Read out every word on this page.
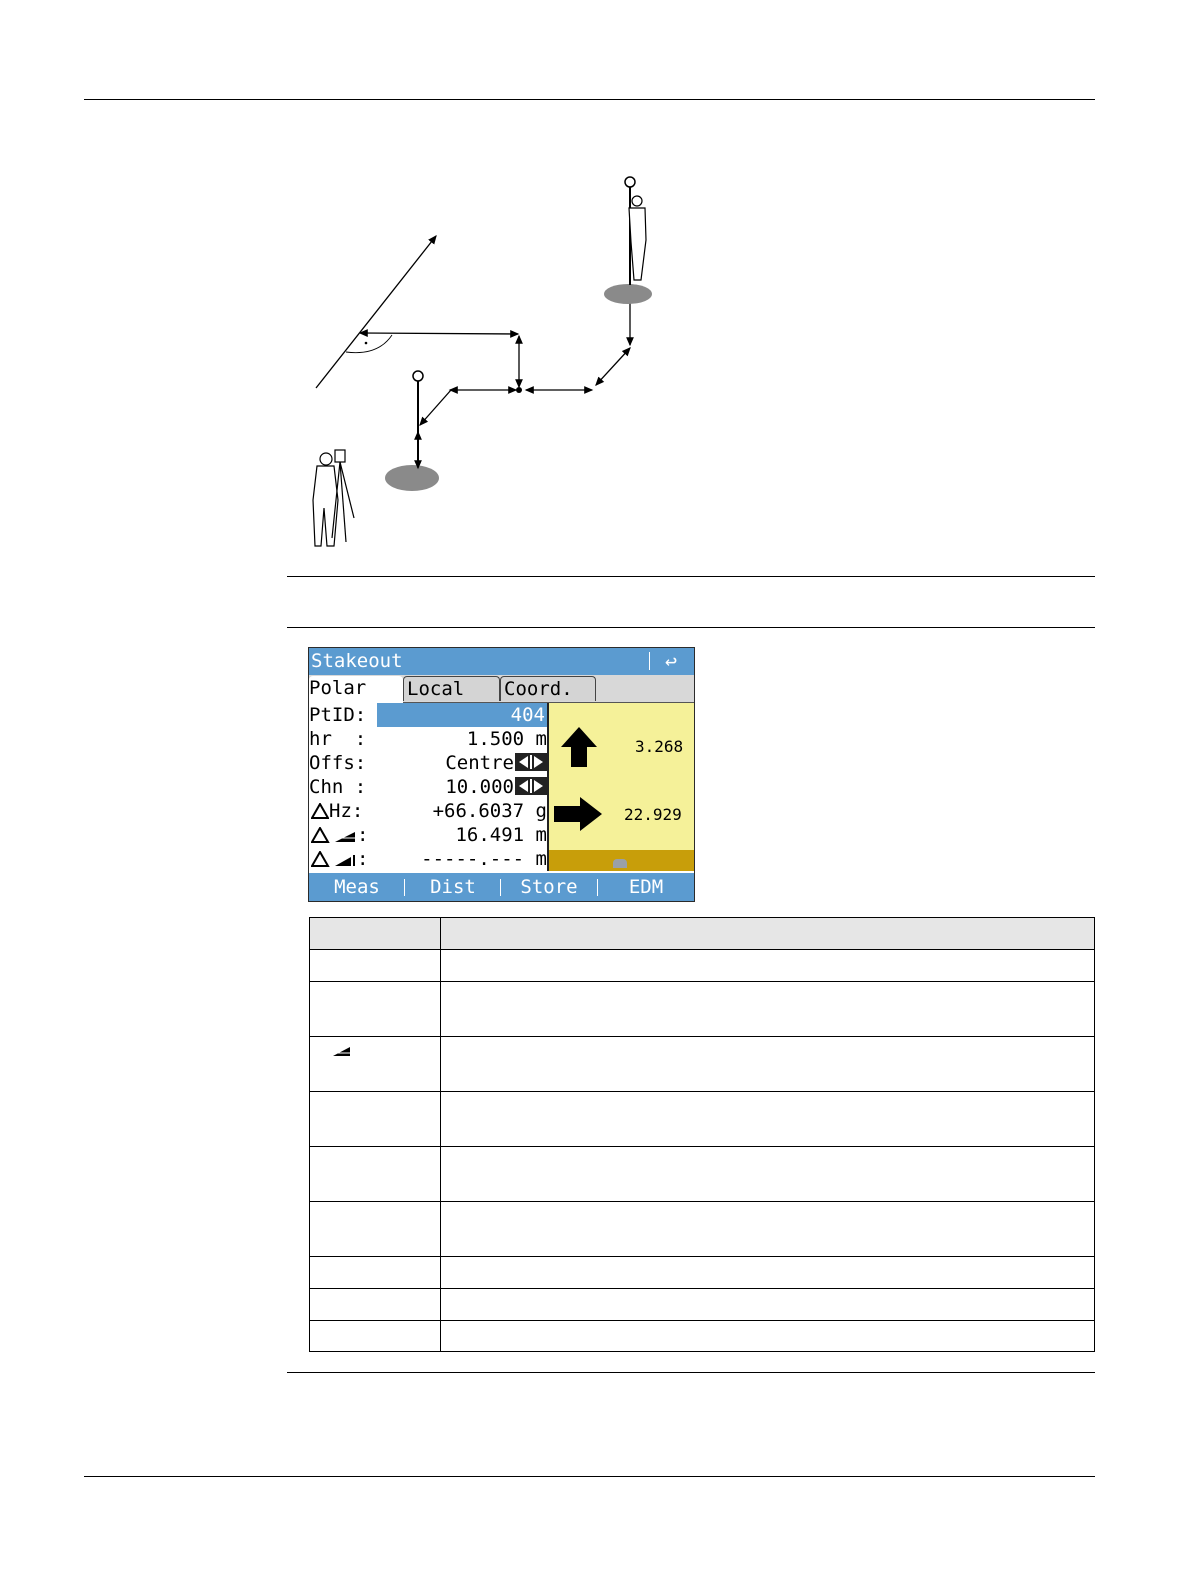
Stakeout	↩
Polar	Local	Coord.
PtID:	404
hr  :	1.500 m
Offs:	Centre
Chn :	10.000
Hz:	+66.6037 g
:	16.491 m
:	-----.--- m
3.268
22.929
Meas	Dist	Store	EDM
